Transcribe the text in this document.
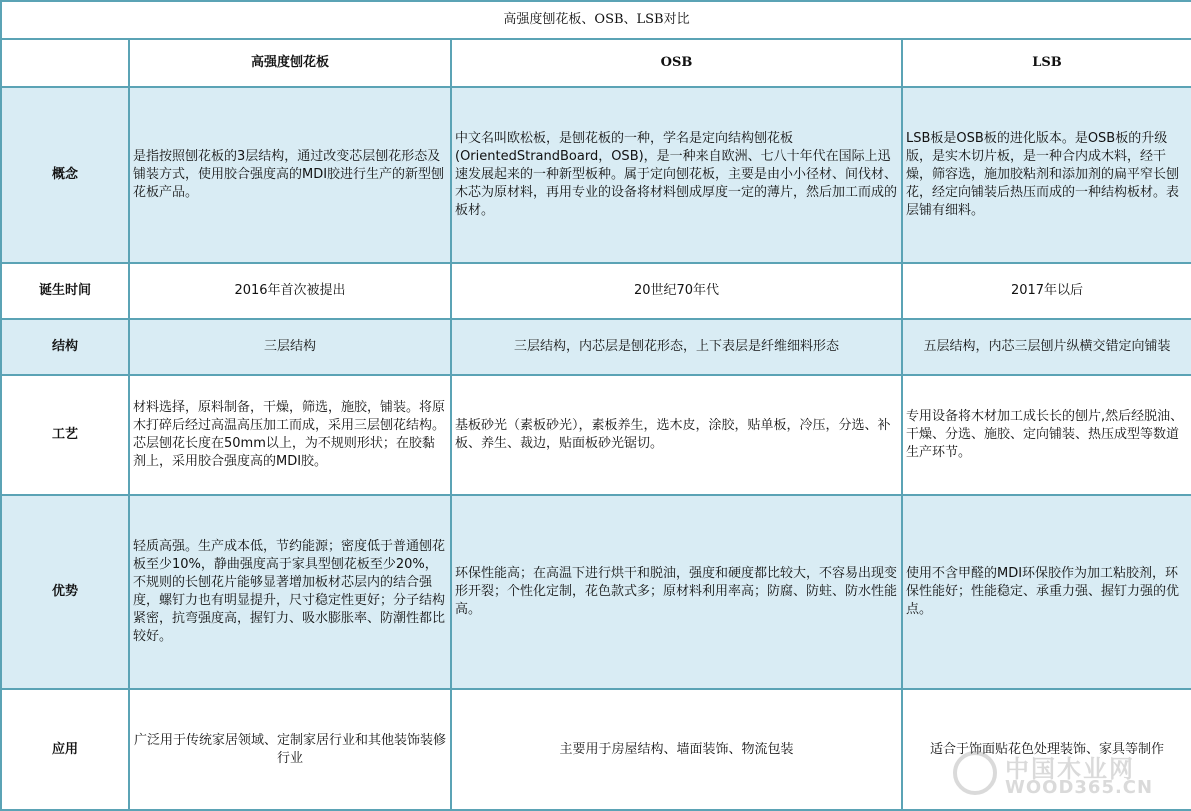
高强度刨花板、OSB、LSB对比			
	高强度刨花板	OSB	LSB
概念	是指按照刨花板的3层结构，通过改变芯层刨花形态及铺装方式，使用胶合强度高的MDI胶进行生产的新型刨花板产品。	中文名叫欧松板，是刨花板的一种，学名是定向结构刨花板(OrientedStrandBoard，OSB)，是一种来自欧洲、七八十年代在国际上迅速发展起来的一种新型板种。属于定向刨花板，主要是由小小径材、间伐材、 木芯为原材料，再用专业的设备将材料刨成厚度一定的薄片，然后加工而成的板材。	LSB板是OSB板的进化版本。是OSB板的升级版，是实木切片板，是一种合内成木料，经干燥，筛容选，施加胶粘剂和添加剂的扁平窄长刨花，经定向铺装后热压而成的一种结构板材。表层铺有细料。
诞生时间	2016年首次被提出	20世纪70年代	2017年以后
结构	三层结构	三层结构，内芯层是刨花形态，上下表层是纤维细料形态	五层结构，内芯三层刨片纵横交错定向铺装
工艺	材料选择，原料制备，干燥，筛选，施胶，铺装。将原木打碎后经过高温高压加工而成，采用三层刨花结构。芯层刨花长度在50mm以上，为不规则形状；在胶黏剂上，采用胶合强度高的MDI胶。	基板砂光（素板砂光），素板养生，选木皮，涂胶，贴单板，冷压，分选、补板、养生、裁边，贴面板砂光锯切。	专用设备将木材加工成长长的刨片,然后经脱油、干燥、分选、施胶、定向铺装、热压成型等数道生产环节。
优势	轻质高强。生产成本低，节约能源；密度低于普通刨花板至少10%，静曲强度高于家具型刨花板至少20%，不规则的长刨花片能够显著增加板材芯层内的结合强度，螺钉力也有明显提升，尺寸稳定性更好；分子结构紧密，抗弯强度高，握钉力、吸水膨胀率、防潮性都比较好。	环保性能高；在高温下进行烘干和脱油，强度和硬度都比较大，不容易出现变形开裂；个性化定制，花色款式多；原材料利用率高；防腐、防蛀、防水性能高。	使用不含甲醛的MDI环保胶作为加工粘胶剂，环保性能好；性能稳定、承重力强、握钉力强的优点。
应用	广泛用于传统家居领域、定制家居行业和其他装饰装修行业	主要用于房屋结构、墙面装饰、物流包装	适合于饰面贴花色处理装饰、家具等制作
中国木业网
WOOD365.CN
